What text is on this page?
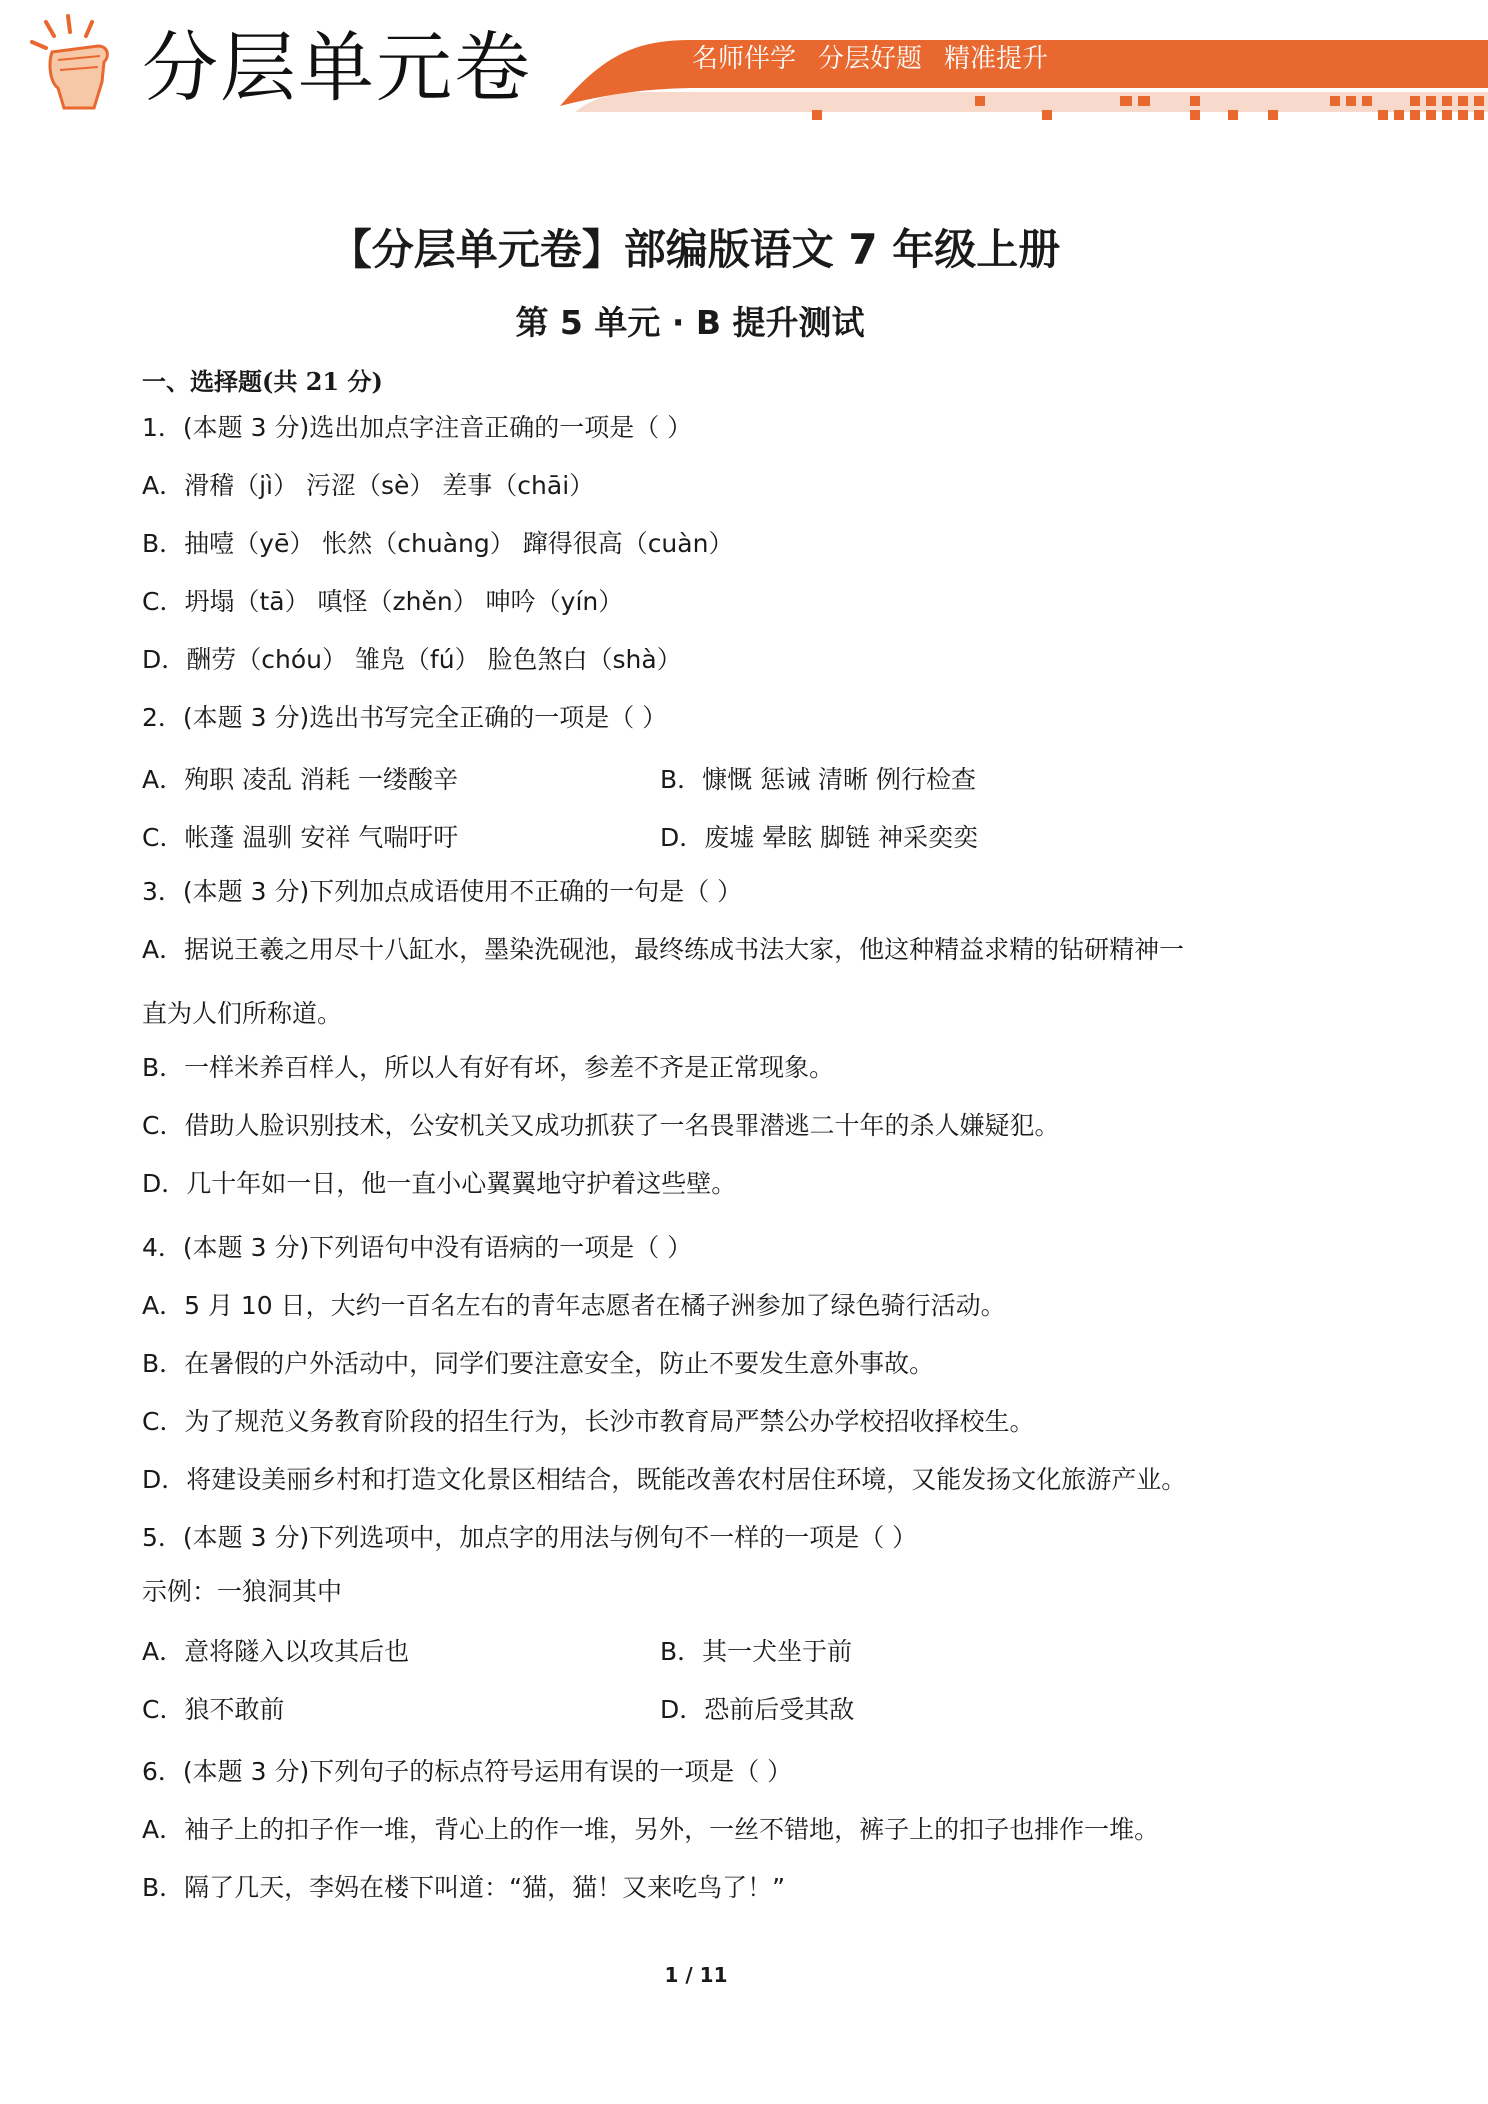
分层单元卷	名师伴学 分层好题 精准提升
【分层单元卷】部编版语文 7 年级上册
第 5 单元 · B 提升测试
一、选择题(共 21 分)
1．(本题 3 分)选出加点字注音正确的一项是（ ）
A．滑稽（jì） 污涩（sè） 差事（chāi）
B．抽噎（yē） 怅然（chuàng） 蹿得很高（cuàn）
C．坍塌（tā） 嗔怪（zhěn） 呻吟（yín）
D．酬劳（chóu） 雏凫（fú） 脸色煞白（shà）
2．(本题 3 分)选出书写完全正确的一项是（ ）
A．殉职 凌乱 消耗 一缕酸辛	B．慷慨 惩诫 清晰 例行检查
C．帐蓬 温驯 安祥 气喘吁吁	D．废墟 晕眩 脚链 神采奕奕
3．(本题 3 分)下列加点成语使用不正确的一句是（ ）
A．据说王羲之用尽十八缸水，墨染洗砚池，最终练成书法大家，他这种精益求精的钻研精神一
直为人们所称道。
B．一样米养百样人，所以人有好有坏，参差不齐是正常现象。
C．借助人脸识别技术，公安机关又成功抓获了一名畏罪潜逃二十年的杀人嫌疑犯。
D．几十年如一日，他一直小心翼翼地守护着这些壁。
4．(本题 3 分)下列语句中没有语病的一项是（ ）
A．5 月 10 日，大约一百名左右的青年志愿者在橘子洲参加了绿色骑行活动。
B．在暑假的户外活动中，同学们要注意安全，防止不要发生意外事故。
C．为了规范义务教育阶段的招生行为，长沙市教育局严禁公办学校招收择校生。
D．将建设美丽乡村和打造文化景区相结合，既能改善农村居住环境，又能发扬文化旅游产业。
5．(本题 3 分)下列选项中，加点字的用法与例句不一样的一项是（ ）
示例：一狼洞其中
A．意将隧入以攻其后也	B．其一犬坐于前
C．狼不敢前	D．恐前后受其敌
6．(本题 3 分)下列句子的标点符号运用有误的一项是（ ）
A．袖子上的扣子作一堆，背心上的作一堆，另外，一丝不错地，裤子上的扣子也排作一堆。
B．隔了几天，李妈在楼下叫道：“猫，猫！又来吃鸟了！”
1 / 11
